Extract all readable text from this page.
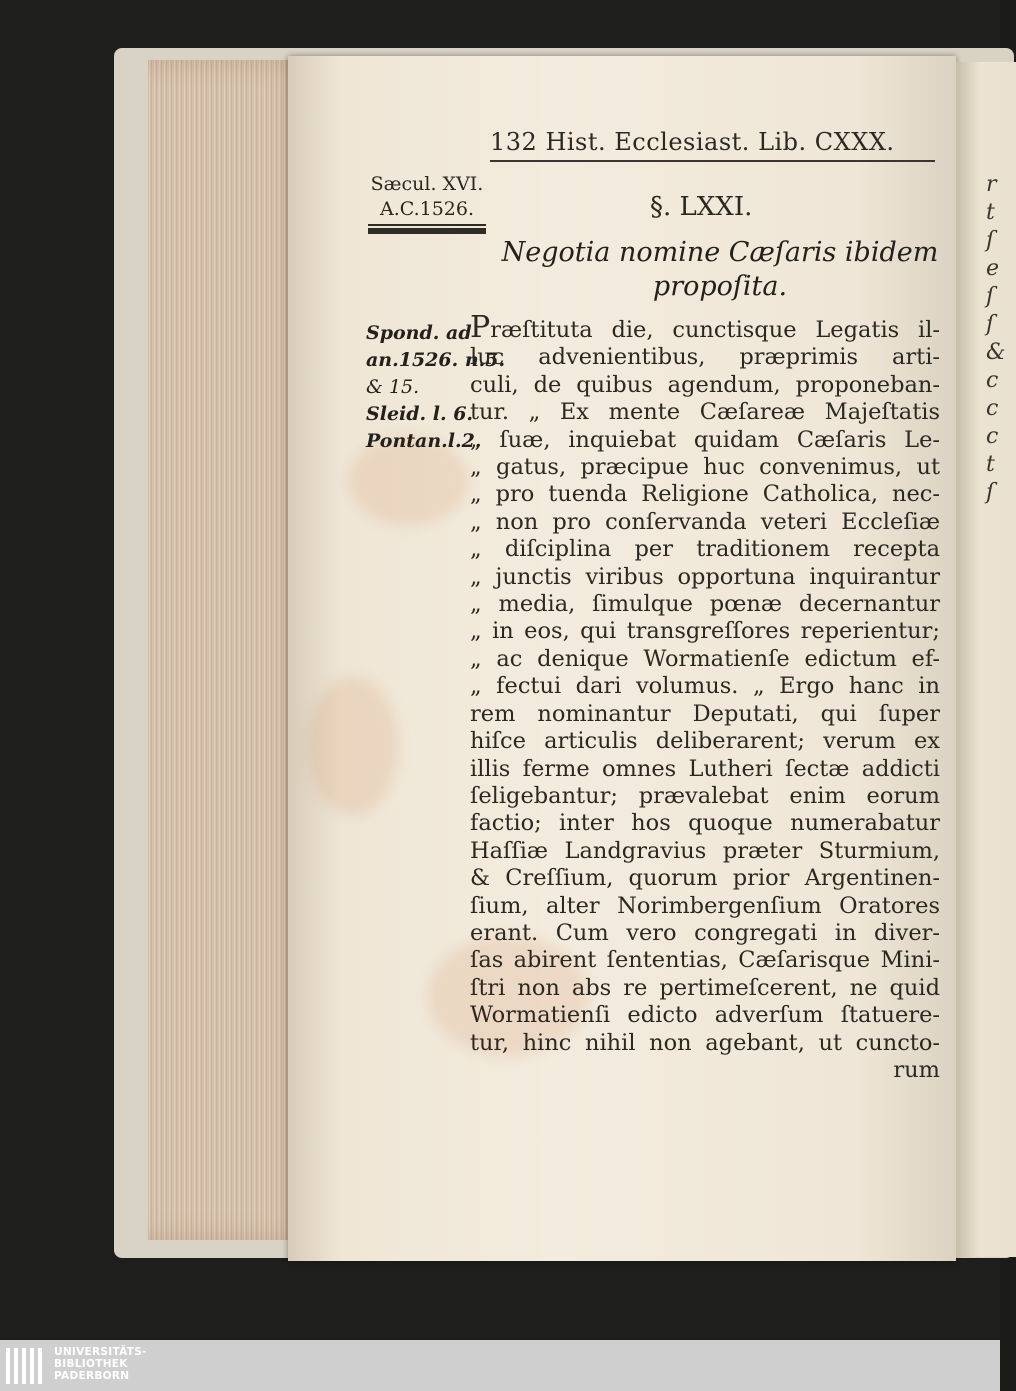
r
t
ſ
e
ſ
ſ
&
c
c
c
t
ſ
132 Hist. Ecclesiast. Lib. CXXX.
Sæcul. XVI.
A.C.1526.	§. LXXI.
Negotia nomine Cæſaris ibidem
propoſita.
Spond. ad
an.1526. n.5.
& 15.
Sleid. l. 6.
Pontan.l.2.
Præſtituta die, cunctisque Legatis il-
luc advenientibus, præprimis arti-
culi, de quibus agendum, proponeban-
tur. „ Ex mente Cæſareæ Majeſtatis
„ ſuæ, inquiebat quidam Cæſaris Le-
„ gatus, præcipue huc convenimus, ut
„ pro tuenda Religione Catholica, nec-
„ non pro conſervanda veteri Eccleſiæ
„ diſciplina per traditionem recepta
„ junctis viribus opportuna inquirantur
„ media, ſimulque pœnæ decernantur
„ in eos, qui transgreſſores reperientur;
„ ac denique Wormatienſe edictum ef-
„ fectui dari volumus. „ Ergo hanc in
rem nominantur Deputati, qui ſuper
hiſce articulis deliberarent; verum ex
illis ferme omnes Lutheri ſectæ addicti
ſeligebantur; prævalebat enim eorum
factio; inter hos quoque numerabatur
Haſſiæ Landgravius præter Sturmium,
& Creſſium, quorum prior Argentinen-
ſium, alter Norimbergenſium Oratores
erant. Cum vero congregati in diver-
ſas abirent ſententias, Cæſarisque Mini-
ſtri non abs re pertimeſcerent, ne quid
Wormatienſi edicto adverſum ſtatuere-
tur, hinc nihil non agebant, ut cuncto-
rum
UNIVERSITÄTS-
BIBLIOTHEK
PADERBORN
